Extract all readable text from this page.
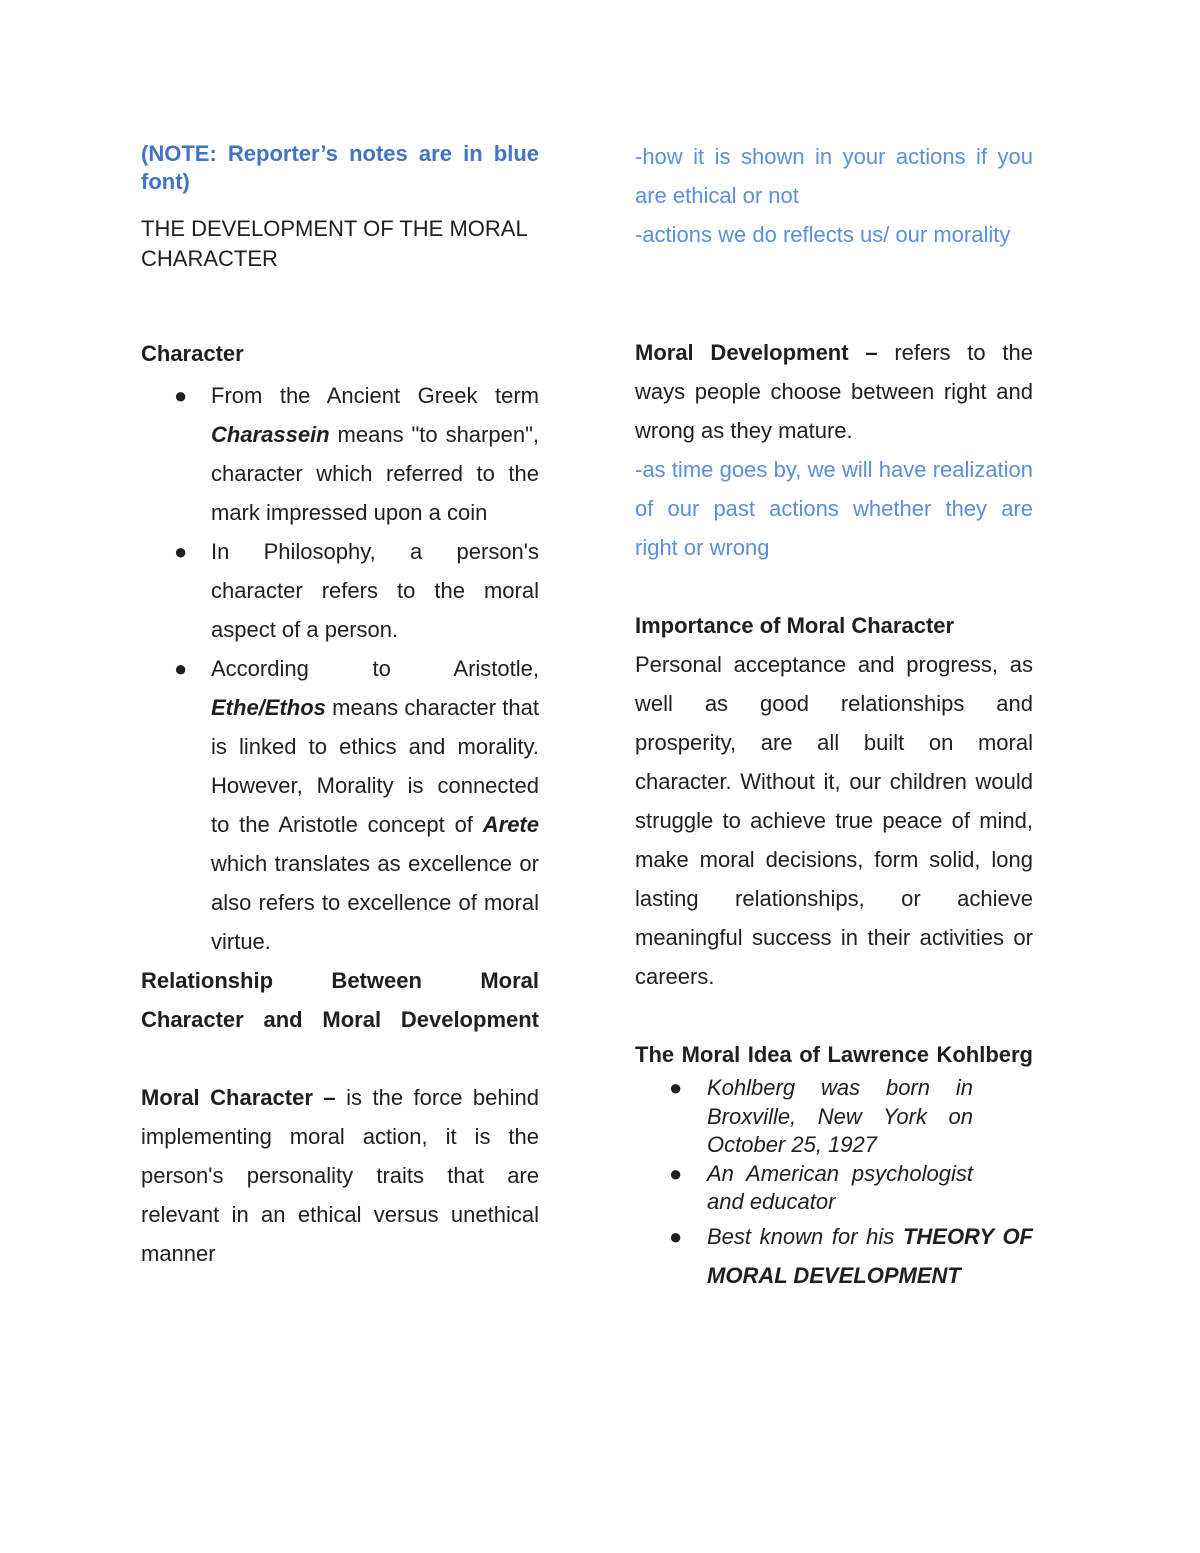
(NOTE: Reporter’s notes are in blue font)
THE DEVELOPMENT OF THE MORAL CHARACTER
Character
● From the Ancient Greek term Charassein means "to sharpen", character which referred to the mark impressed upon a coin
● In Philosophy, a person's character refers to the moral aspect of a person.
● According to Aristotle, Ethe/Ethos means character that is linked to ethics and morality. However, Morality is connected to the Aristotle concept of Arete which translates as excellence or also refers to excellence of moral virtue.
Relationship Between Moral Character and Moral Development

Moral Character – is the force behind implementing moral action, it is the person's personality traits that are relevant in an ethical versus unethical manner

-how it is shown in your actions if you are ethical or not

-actions we do reflects us/ our morality

Moral Development – refers to the ways people choose between right and wrong as they mature.

-as time goes by, we will have realization of our past actions whether they are right or wrong

Importance of Moral Character

Personal acceptance and progress, as well as good relationships and prosperity, are all built on moral character. Without it, our children would struggle to achieve true peace of mind, make moral decisions, form solid, long lasting relationships, or achieve meaningful success in their activities or careers.

The Moral Idea of Lawrence Kohlberg
● Kohlberg was born in Broxville, New York on October 25, 1927
● An American psychologist and educator
● Best known for his THEORY OF MORAL DEVELOPMENT
